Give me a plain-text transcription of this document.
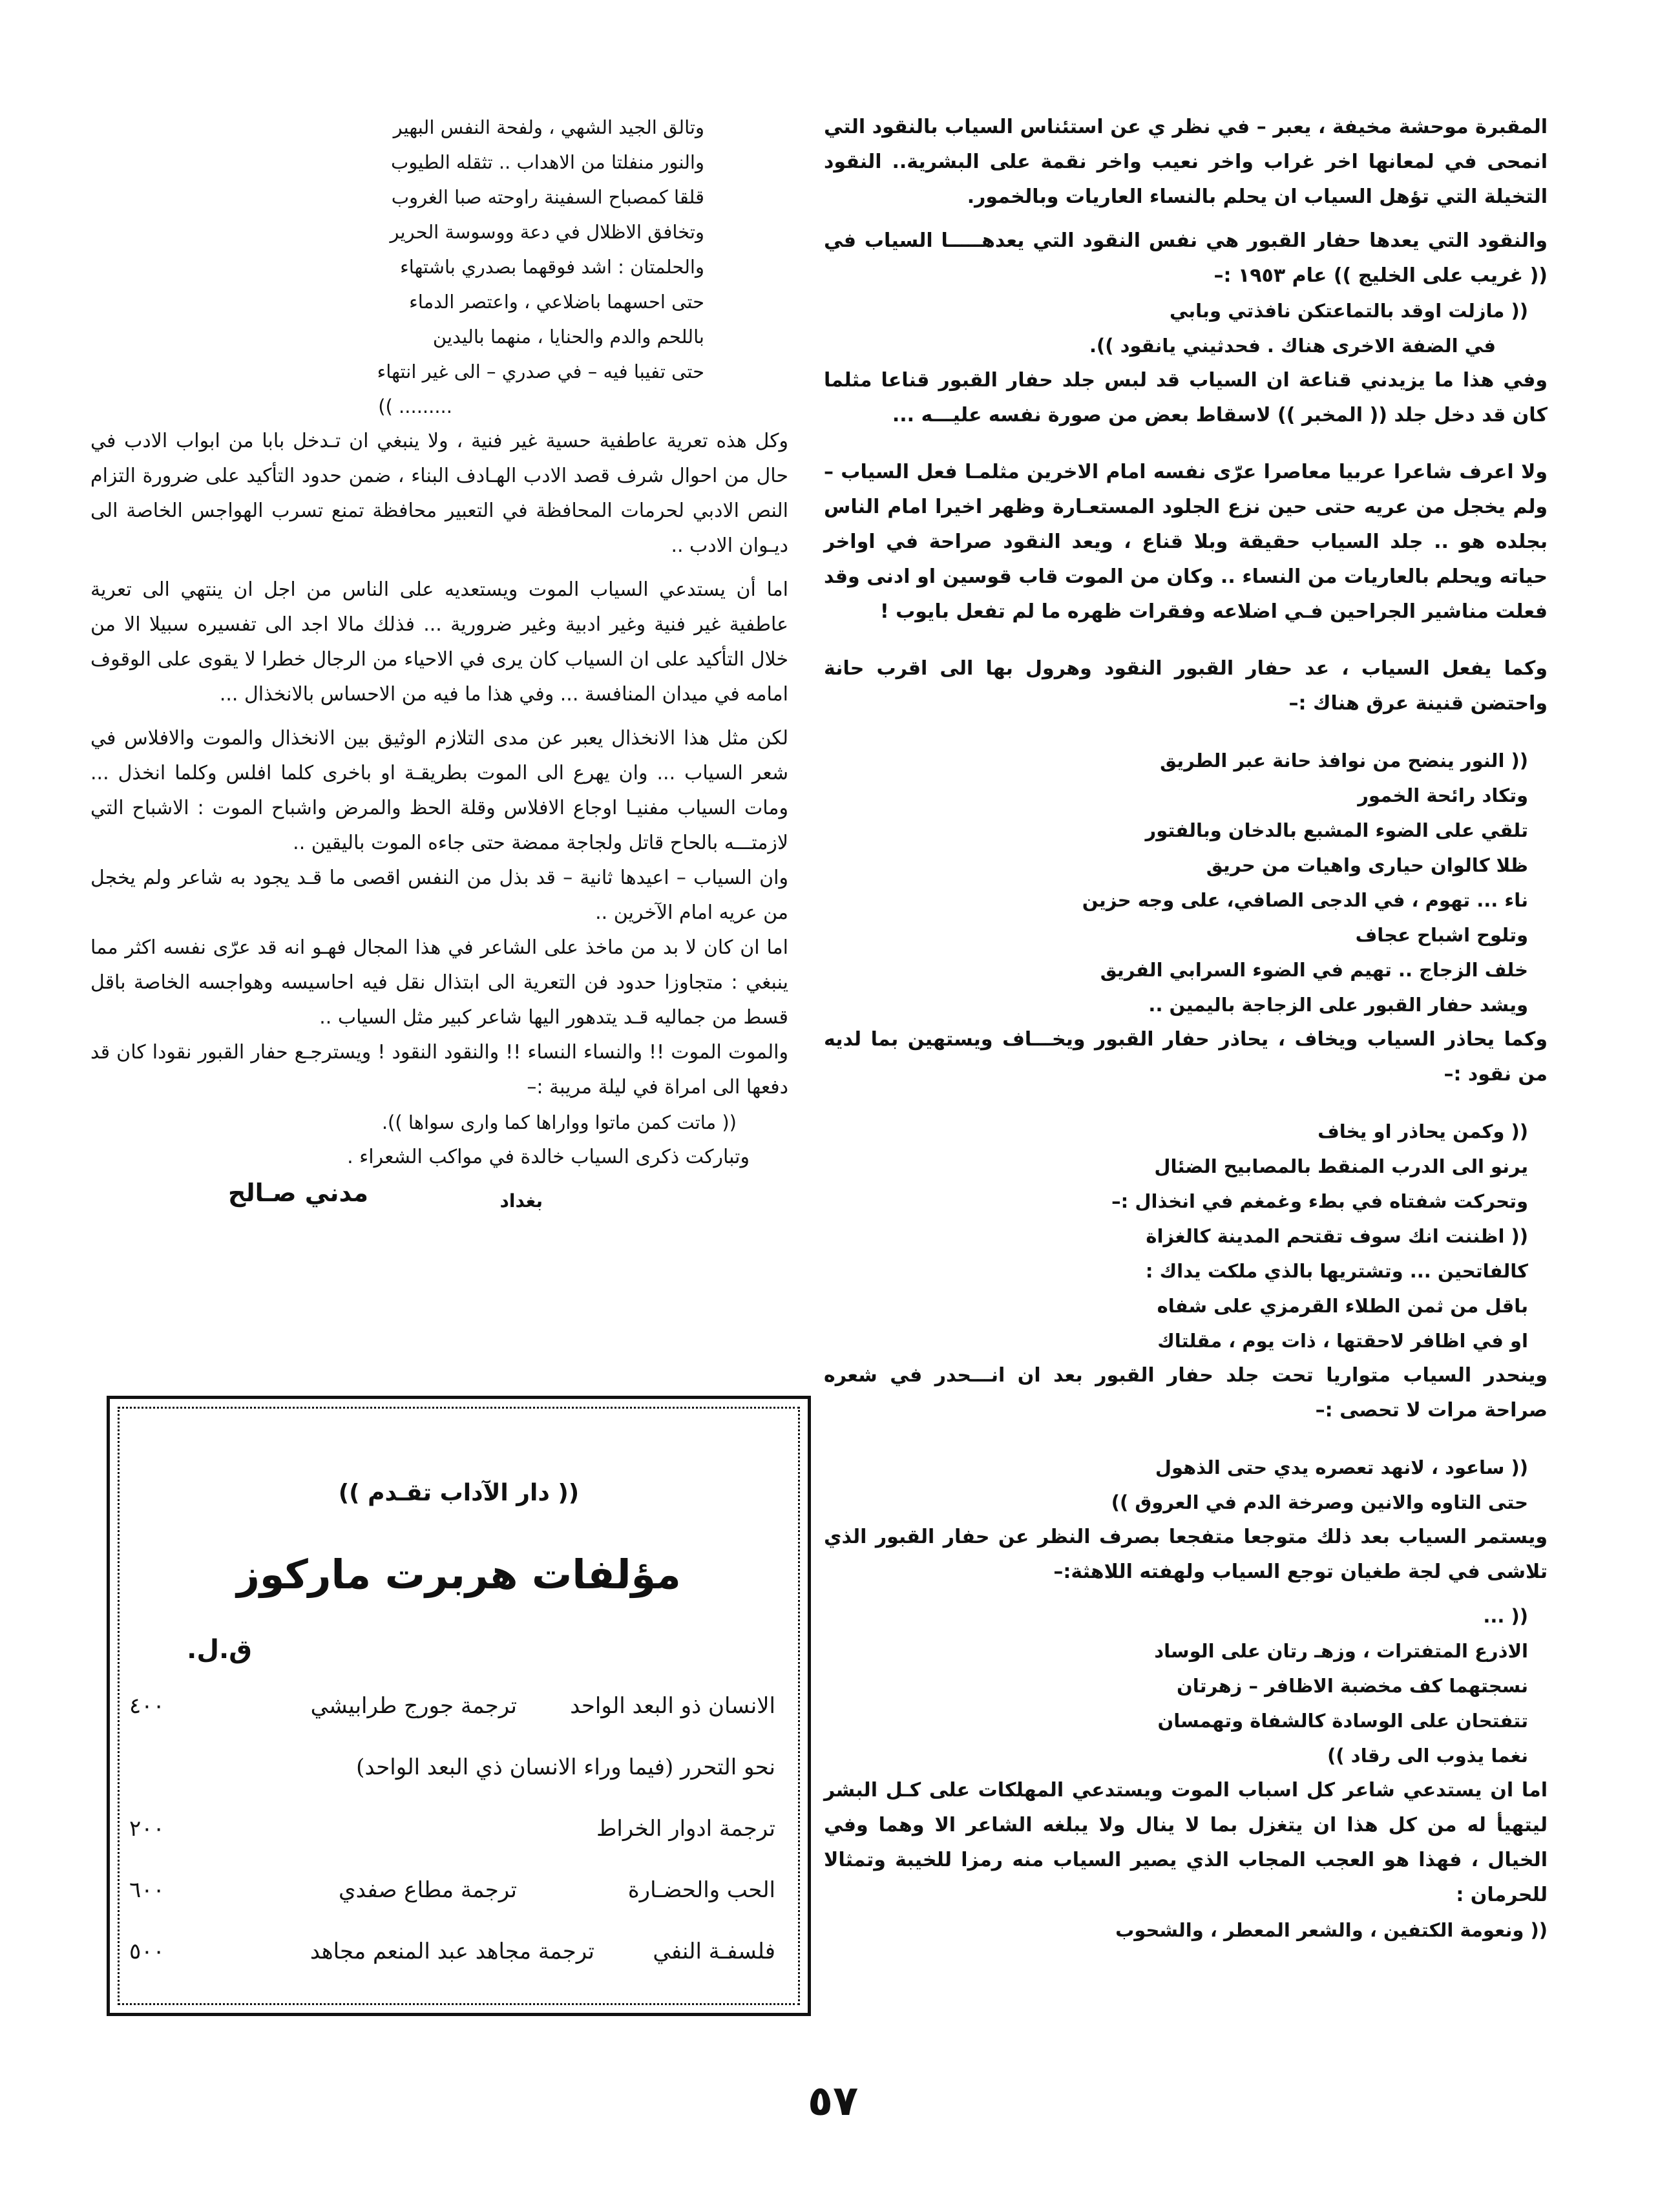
المقبرة موحشة مخيفة ، يعبر – في نظر ي عن استئناس السياب بالنقود التي انمحى في لمعانها اخر غراب واخر نعيب واخر نقمة على البشرية.. النقود التخيلة التي تؤهل السياب ان يحلم بالنساء العاريات وبالخمور.

والنقود التي يعدها حفار القبور هي نفس النقود التي يعدهـــــا السياب في (( غريب على الخليج )) عام ١٩٥٣ :–

(( مازلت اوقد بالتماعتكن نافذتي وبابي

في الضفة الاخرى هناك . فحدثيني يانقود )).

وفي هذا ما يزيدني قناعة ان السياب قد لبس جلد حفار القبور قناعا مثلما كان قد دخل جلد (( المخبر )) لاسقاط بعض من صورة نفسه عليـــه ...

ولا اعرف شاعرا عربيا معاصرا عرّى نفسه امام الاخرين مثلمـا فعل السياب – ولم يخجل من عريه حتى حين نزع الجلود المستعـارة وظهر اخيرا امام الناس بجلده هو .. جلد السياب حقيقة وبلا قناع ، ويعد النقود صراحة في اواخر حياته ويحلم بالعاريات من النساء .. وكان من الموت قاب قوسين او ادنى وقد فعلت مناشير الجراحين فـي اضلاعه وفقرات ظهره ما لم تفعل بايوب !

وكما يفعل السياب ، عد حفار القبور النقود وهرول بها الى اقرب حانة واحتضن قنينة عرق هناك :–

(( النور ينضح من نوافذ حانة عبر الطريق

وتكاد رائحة الخمور

تلقي على الضوء المشبع بالدخان وبالفتور

ظلا كالوان حيارى واهيات من حريق

ناء ... تهوم ، في الدجى الصافي، على وجه حزين

وتلوح اشباح عجاف

خلف الزجاج .. تهيم في الضوء السرابي الفريق

ويشد حفار القبور على الزجاجة باليمين ..

وكما يحاذر السياب ويخاف ، يحاذر حفار القبور ويخـــاف ويستهين بما لديه من نقود :–

(( وكمن يحاذر او يخاف

يرنو الى الدرب المنقط بالمصابيح الضئال

وتحركت شفتاه في بطء وغمغم في انخذال :–

(( اظننت انك سوف تقتحم المدينة كالغزاة

كالفاتحين ... وتشتريها بالذي ملكت يداك :

باقل من ثمن الطلاء القرمزي على شفاه

او في اظافر لاحقتها ، ذات يوم ، مقلتاك

وينحدر السياب متواريا تحت جلد حفار القبور بعد ان انـــحدر في شعره صراحة مرات لا تحصى :–

(( ساعود ، لانهد تعصره يدي حتى الذهول

حتى التاوه والانين وصرخة الدم في العروق ))

ويستمر السياب بعد ذلك متوجعا متفجعا بصرف النظر عن حفار القبور الذي تلاشى في لجة طغيان توجع السياب ولهفته اللاهثة:–

(( ...

الاذرع المتفترات ، وزهـ رتان على الوساد

نسجتهما كف مخضبة الاظافر – زهرتان

تتفتحان على الوسادة كالشفاة وتهمسان

نغما يذوب الى رقاد ))

اما ان يستدعي شاعر كل اسباب الموت ويستدعي المهلكات على كـل البشر ليتهيأ له من كل هذا ان يتغزل بما لا ينال ولا يبلغه الشاعر الا وهما وفي الخيال ، فهذا هو العجب المجاب الذي يصير السياب منه رمزا للخيبة وتمثالا للحرمان :

(( ونعومة الكتفين ، والشعر المعطر ، والشحوب

وتالق الجيد الشهي ، ولفحة النفس البهير

والنور منفلتا من الاهداب .. تثقله الطيوب

قلقا كمصباح السفينة راوحته صبا الغروب

وتخافق الاظلال في دعة ووسوسة الحرير

والحلمتان : اشد فوقهما بصدري باشتهاء

حتى احسهما باضلاعي ، واعتصر الدماء

باللحم والدم والحنايا ، منهما باليدين

حتى تفيبا فيه – في صدري – الى غير انتهاء

......... ))

وكل هذه تعرية عاطفية حسية غير فنية ، ولا ينبغي ان تـدخل بابا من ابواب الادب في حال من احوال شرف قصد الادب الهـادف البناء ، ضمن حدود التأكيد على ضرورة التزام النص الادبي لحرمات المحافظة في التعبير محافظة تمنع تسرب الهواجس الخاصة الى ديـوان الادب ..

اما أن يستدعي السياب الموت ويستعديه على الناس من اجل ان ينتهي الى تعرية عاطفية غير فنية وغير ادبية وغير ضرورية ... فذلك مالا اجد الى تفسيره سبيلا الا من خلال التأكيد على ان السياب كان يرى في الاحياء من الرجال خطرا لا يقوى على الوقوف امامه في ميدان المنافسة ... وفي هذا ما فيه من الاحساس بالانخذال ...

لكن مثل هذا الانخذال يعبر عن مدى التلازم الوثيق بين الانخذال والموت والافلاس في شعر السياب ... وان يهرع الى الموت بطريقـة او باخرى كلما افلس وكلما انخذل ... ومات السياب مفنيـا اوجاع الافلاس وقلة الحظ والمرض واشباح الموت : الاشباح التي لازمتـــه بالحاح قاتل ولجاجة ممضة حتى جاءه الموت باليقين ..

وان السياب – اعيدها ثانية – قد بذل من النفس اقصى ما قـد يجود به شاعر ولم يخجل من عريه امام الآخرين ..

اما ان كان لا بد من ماخذ على الشاعر في هذا المجال فهـو انه قد عرّى نفسه اكثر مما ينبغي : متجاوزا حدود فن التعرية الى ابتذال نقل فيه احاسيسه وهواجسه الخاصة باقل قسط من جماليه قـد يتدهور اليها شاعر كبير مثل السياب ..

والموت الموت !! والنساء النساء !! والنقود النقود ! ويسترجـع حفار القبور نقودا كان قد دفعها الى امراة في ليلة مريبة :–

(( ماتت كمن ماتوا وواراها كما وارى سواها )).

وتباركت ذكرى السياب خالدة في مواكب الشعراء .

بغداد
مدني صـالح
(( دار الآداب تقـدم ))
مؤلفات هربرت ماركوز
ق.ل.
الانسان ذو البعد الواحد
ترجمة جورج طرابيشي
٤٠٠
نحو التحرر (فيما وراء الانسان ذي البعد الواحد)
ترجمة ادوار الخراط
٢٠٠
الحب والحضـارة
ترجمة مطاع صفدي
٦٠٠
فلسفـة النفي
ترجمة مجاهد عبد المنعم مجاهد
٥٠٠
٥٧
